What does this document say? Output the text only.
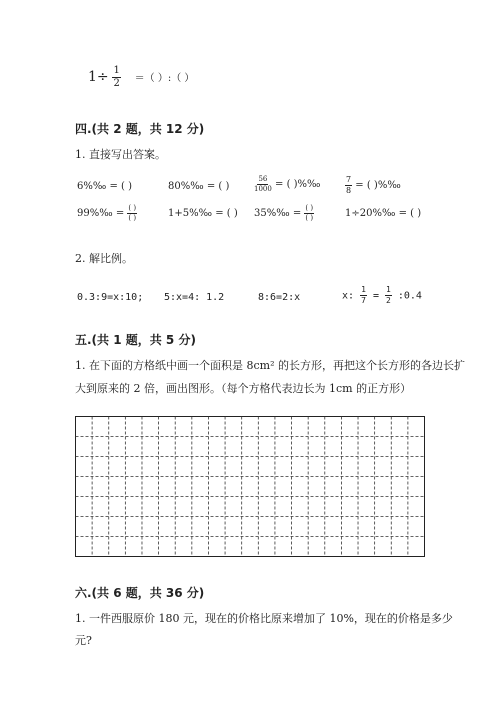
$1\div \frac{1}{2}$ ＝（ ）:（ ）
四.(共 2 题，共 12 分)
1. 直接写出答案。
6%‰ = ( )	80%‰ = ( )	$\frac{56}{1000}$ = ( )%‰	$\frac{7}{8}$ = ( )%‰
99%‰ = $\frac{( )}{( )}$	1+5%‰ = ( ) 35%‰ = $\frac{( )}{( )}$	1÷20%‰ = ( )
2. 解比例。
0.3:9=x:10; 5:x=4: 1.2	8:6=2:x	x: $\frac{1}{7} = \frac{1}{2}$ :0.4
五.(共 1 题，共 5 分)
1. 在下面的方格纸中画一个面积是 8cm² 的长方形，再把这个长方形的各边长扩
大到原来的 2 倍，画出图形。（每个方格代表边长为 1cm 的正方形）
六.(共 6 题，共 36 分)
1. 一件西服原价 180 元，现在的价格比原来增加了 10%，现在的价格是多少
元?
